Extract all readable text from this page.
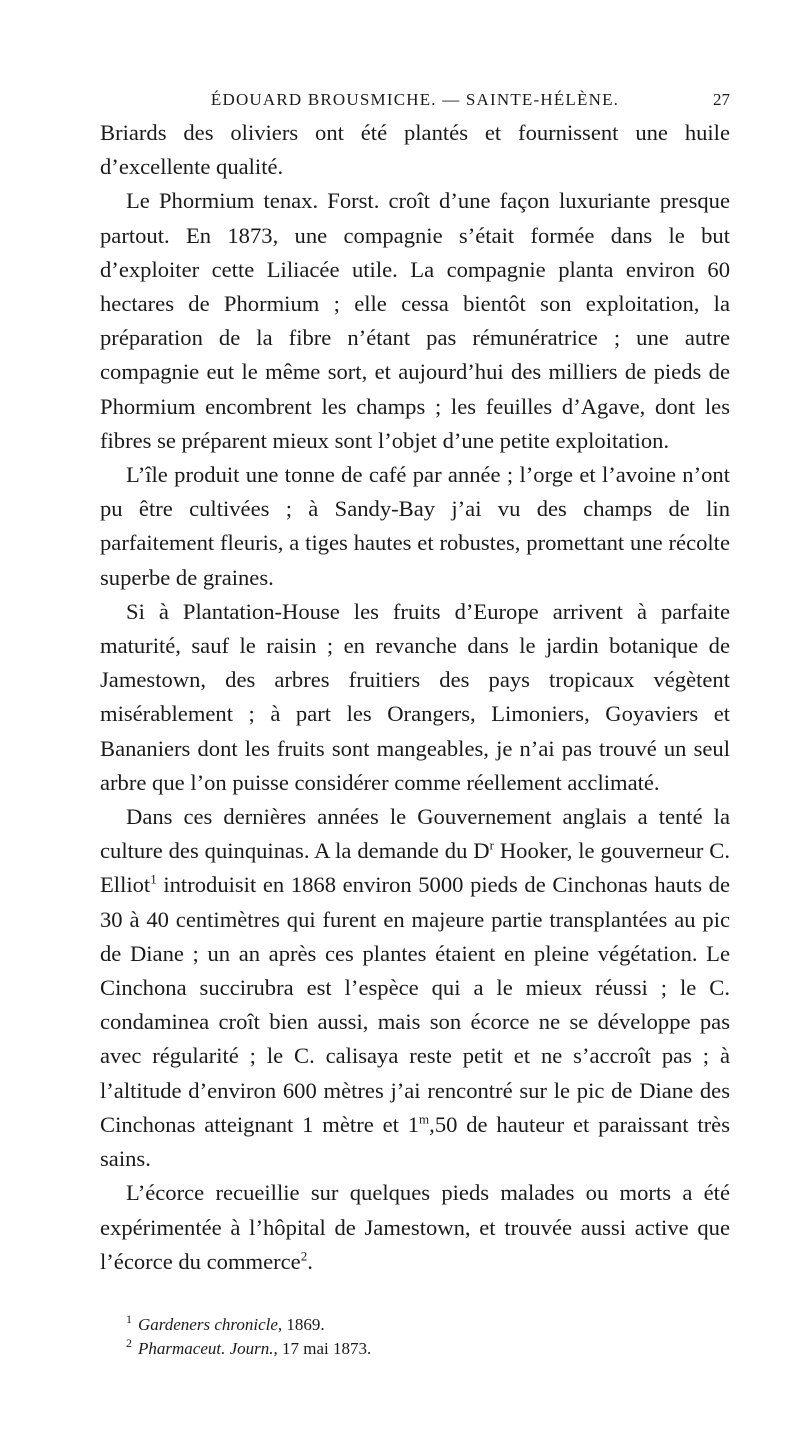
ÉDOUARD BROUSMICHE. — SAINTE-HÉLÈNE.	27

Briards des oliviers ont été plantés et fournissent une huile d’excellente qualité.

Le Phormium tenax. Forst. croît d’une façon luxuriante presque partout. En 1873, une compagnie s’était formée dans le but d’exploiter cette Liliacée utile. La compagnie planta environ 60 hectares de Phormium ; elle cessa bientôt son exploitation, la préparation de la fibre n’étant pas rémunératrice ; une autre compagnie eut le même sort, et aujourd’hui des milliers de pieds de Phormium encombrent les champs ; les feuilles d’Agave, dont les fibres se préparent mieux sont l’objet d’une petite exploitation.

L’île produit une tonne de café par année ; l’orge et l’avoine n’ont pu être cultivées ; à Sandy-Bay j’ai vu des champs de lin parfaitement fleuris, a tiges hautes et robustes, promettant une récolte superbe de graines.

Si à Plantation-House les fruits d’Europe arrivent à parfaite maturité, sauf le raisin ; en revanche dans le jardin botanique de Jamestown, des arbres fruitiers des pays tropicaux végètent misérablement ; à part les Orangers, Limoniers, Goyaviers et Bananiers dont les fruits sont mangeables, je n’ai pas trouvé un seul arbre que l’on puisse considérer comme réellement acclimaté.

Dans ces dernières années le Gouvernement anglais a tenté la culture des quinquinas. A la demande du $D^r$ Hooker, le gouverneur C. Elliot$^1$ introduisit en 1868 environ 5000 pieds de Cinchonas hauts de 30 à 40 centimètres qui furent en majeure partie transplantées au pic de Diane ; un an après ces plantes étaient en pleine végétation. Le Cinchona succirubra est l’espèce qui a le mieux réussi ; le C. condaminea croît bien aussi, mais son écorce ne se développe pas avec régularité ; le C. calisaya reste petit et ne s’accroît pas ; à l’altitude d’environ 600 mètres j’ai rencontré sur le pic de Diane des Cinchonas atteignant 1 mètre et 1$^m$,50 de hauteur et paraissant très sains.

L’écorce recueillie sur quelques pieds malades ou morts a été expérimentée à l’hôpital de Jamestown, et trouvée aussi active que l’écorce du commerce$^2$.

$^1$ Gardeners chronicle, 1869.

$^2$ Pharmaceut. Journ., 17 mai 1873.
